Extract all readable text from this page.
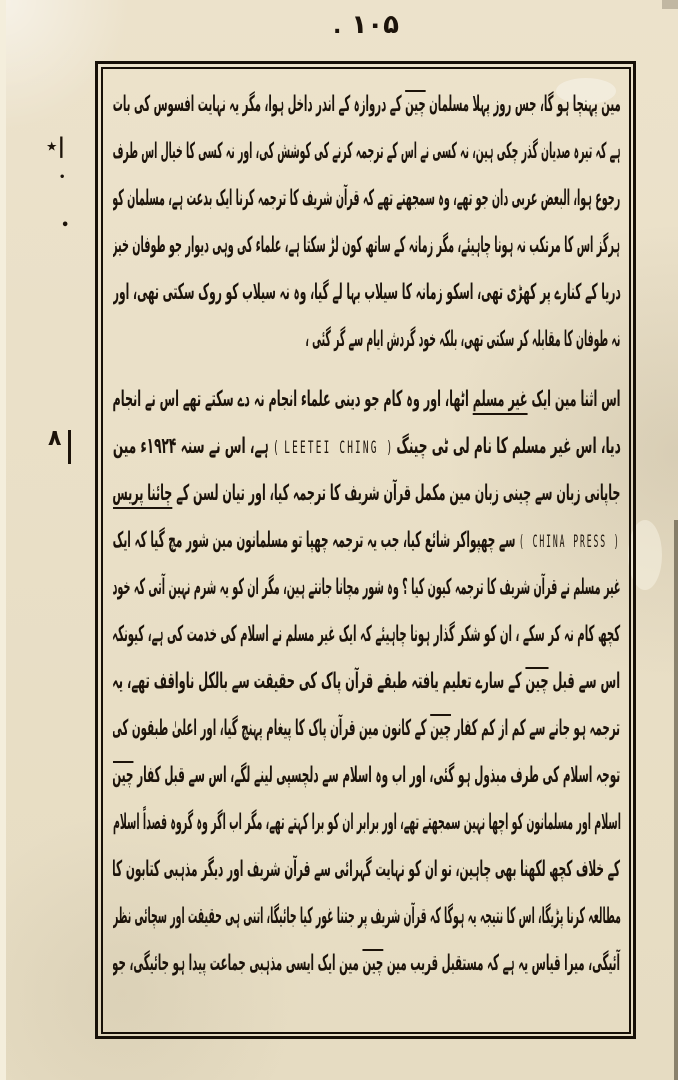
. ۱۰۵
٭|
•
•
۸
مین پہنچا ہو گا، جس روز پہلا مسلمان چین کے دروازہ کے اندر داخل ہوا، مگر یہ نہایت افسوس کی بات
ہے کہ تیرہ صدیان گذر چکی ہین، نہ کسی نے اس کے ترجمہ کرنے کی کوشش کی، اور نہ کسی کا خیال اس طرف
رجوع ہوا، البعض عربی دان جو تھے، وہ سمجھتے تھے کہ قرآن شریف کا ترجمہ کرنا ایک بدعت ہے، مسلمان کو
ہرگز اس کا مرتکب نہ ہونا چاہیئے، مگر زمانہ کے ساتھ کون لڑ سکتا ہے، علماء کی وہی دیوار جو طوفان خیز
دریا کے کنارے پر کھڑی تھی، اسکو زمانہ کا سیلاب بہا لے گیا، وہ نہ سیلاب کو روک سکتی تھی، اور
نہ طوفان کا مقابلہ کر سکتی تھی، بلکہ خود گردش ایام سے گر گئی ،
اس اثنا مین ایک غیر مسلم اٹھا، اور وہ کام جو دینی علماء انجام نہ دے سکتے تھے اس نے انجام
دیا، اس غیر مسلم کا نام لی ٹی چینگ ( LEETEI CHING ) ہے، اس نے سنہ ۱۹۲۴ء مین
جاپانی زبان سے چینی زبان مین مکمل قرآن شریف کا ترجمہ کیا، اور تیان لسن کے چائنا پریس
( CHINA PRESS ) سے چھپواکر شائع کیا، جب یہ ترجمہ چھپا تو مسلمانون مین شور مچ گیا کہ ایک
غیر مسلم نے قرآن شریف کا ترجمہ کیون کیا ؟ وہ شور مچانا جانتے ہین، مگر ان کو یہ شرم نہین آتی کہ خود
کچھ کام نہ کر سکے ، ان کو شکر گذار ہونا چاہیئے کہ ایک غیر مسلم نے اسلام کی خدمت کی ہے، کیونکہ
اس سے قبل چین کے سارے تعلیم یافتہ طبقے قرآن پاک کی حقیقت سے بالکل ناواقف تھے، یہ
ترجمہ ہو جانے سے کم از کم کفار چین کے کانون مین قرآن پاک کا پیغام پہنچ گیا، اور اعلیٰ طبقون کی
توجہ اسلام کی طرف مبذول ہو گئی، اور اب وہ اسلام سے دلچسپی لینے لگے، اس سے قبل کفار چین
اسلام اور مسلمانون کو اچھا نہین سمجھتے تھے، اور برابر ان کو برا کہتے تھے، مگر اب اگر وہ گروہ قصداً اسلام
کے خلاف کچھ لکھنا بھی چاہین، تو ان کو نہایت گہرائی سے قرآن شریف اور دیگر مذہبی کتابون کا
مطالعہ کرنا پڑیگا، اس کا نتیجہ یہ ہوگا کہ قرآن شریف پر جتنا غور کیا جائیگا، اتنی ہی حقیقت اور سچائی نظر
آئیگی، میرا قیاس یہ ہے کہ مستقبل قریب مین چین مین ایک ایسی مذہبی جماعت پیدا ہو جائیگی، جو
